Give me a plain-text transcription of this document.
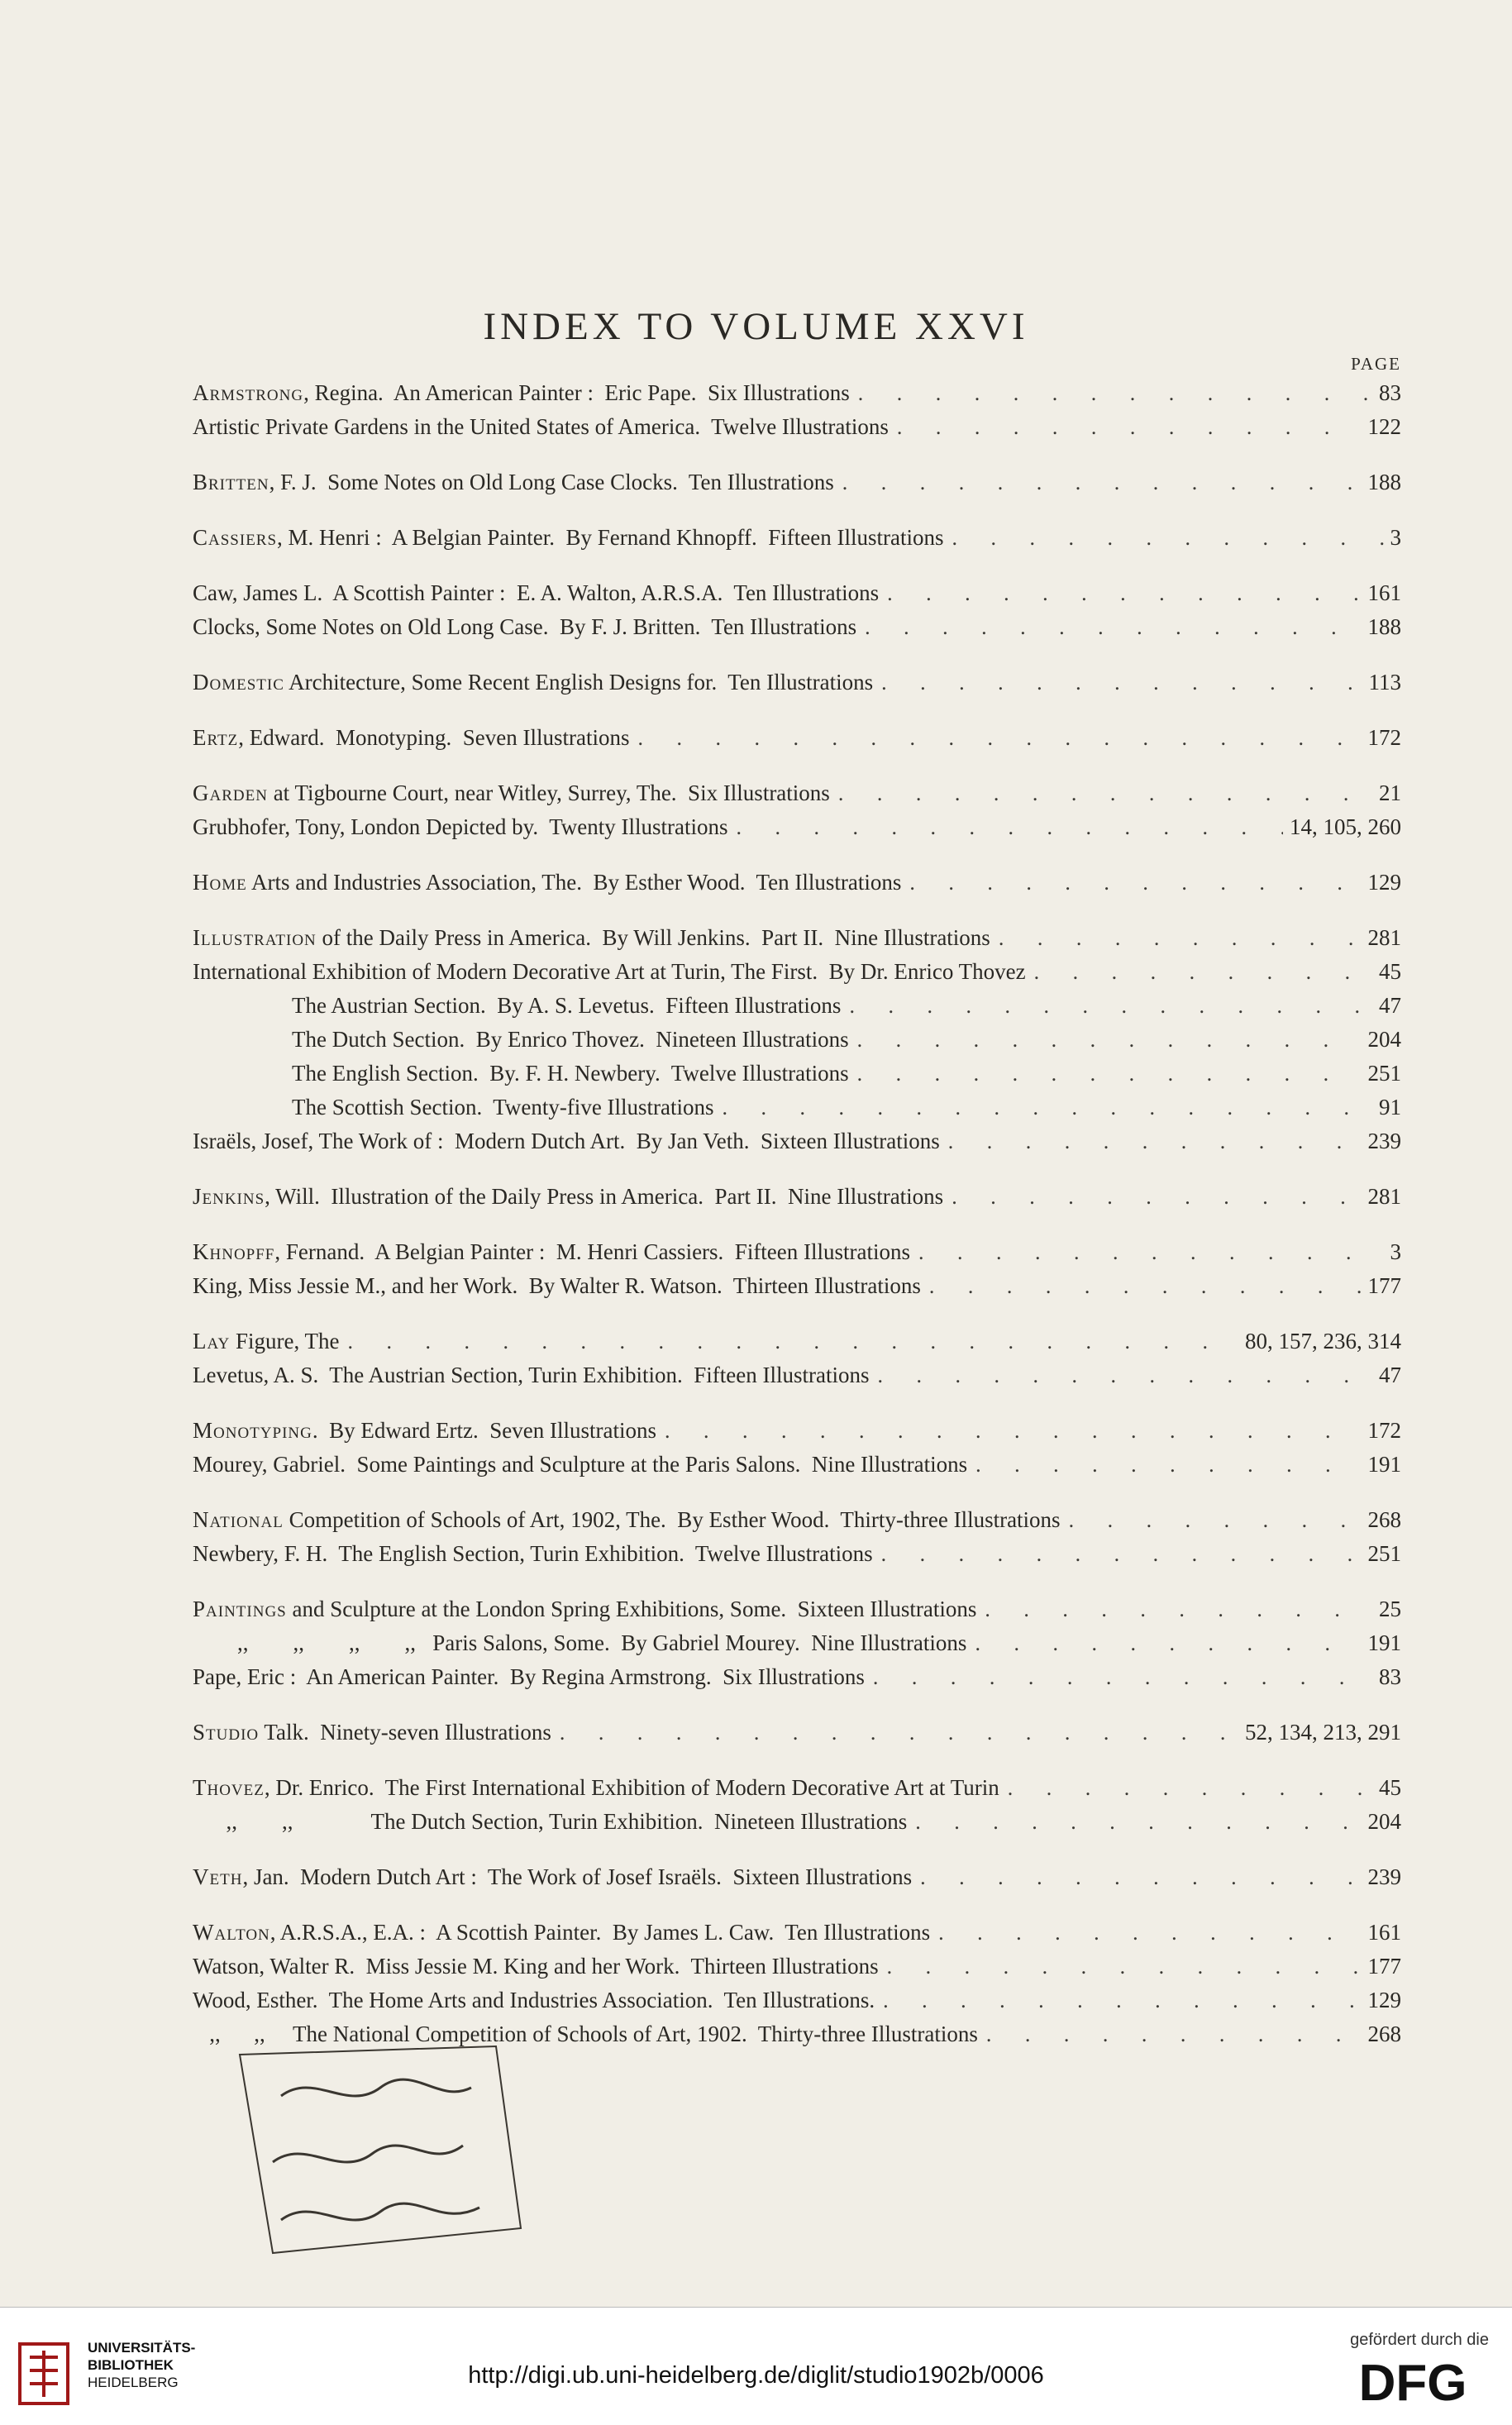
INDEX TO VOLUME XXVI
PAGE
Armstrong, Regina.  An American Painter :  Eric Pape.  Six Illustrations . . .	83
Artistic Private Gardens in the United States of America.  Twelve Illustrations . . .	122
Britten, F. J.  Some Notes on Old Long Case Clocks.  Ten Illustrations . . .	188
Cassiers, M. Henri :  A Belgian Painter.  By Fernand Khnopff.  Fifteen Illustrations . . .	3
Caw, James L.  A Scottish Painter :  E. A. Walton, A.R.S.A.  Ten Illustrations . . .	161
Clocks, Some Notes on Old Long Case.  By F. J. Britten.  Ten Illustrations . . .	188
Domestic Architecture, Some Recent English Designs for.  Ten Illustrations . . .	113
Ertz, Edward.  Monotyping.  Seven Illustrations . . .	172
Garden at Tigbourne Court, near Witley, Surrey, The.  Six Illustrations . . .	21
Grubhofer, Tony, London Depicted by.  Twenty Illustrations . . .	14, 105, 260
Home Arts and Industries Association, The.  By Esther Wood.  Ten Illustrations . . .	129
Illustration of the Daily Press in America.  By Will Jenkins.  Part II.  Nine Illustrations . . .	281
International Exhibition of Modern Decorative Art at Turin, The First.  By Dr. Enrico Thovez . . .	45
The Austrian Section.  By A. S. Levetus.  Fifteen Illustrations . . .	47
The Dutch Section.  By Enrico Thovez.  Nineteen Illustrations . . .	204
The English Section.  By. F. H. Newbery.  Twelve Illustrations . . .	251
The Scottish Section.  Twenty-five Illustrations . . .	91
Israëls, Josef, The Work of :  Modern Dutch Art.  By Jan Veth.  Sixteen Illustrations . . .	239
Jenkins, Will.  Illustration of the Daily Press in America.  Part II.  Nine Illustrations . . .	281
Khnopff, Fernand.  A Belgian Painter :  M. Henri Cassiers.  Fifteen Illustrations . . .	3
King, Miss Jessie M., and her Work.  By Walter R. Watson.  Thirteen Illustrations . . .	177
Lay Figure, The . . .	80, 157, 236, 314
Levetus, A. S.  The Austrian Section, Turin Exhibition.  Fifteen Illustrations . . .	47
Monotyping.  By Edward Ertz.  Seven Illustrations . . .	172
Mourey, Gabriel.  Some Paintings and Sculpture at the Paris Salons.  Nine Illustrations . . .	191
National Competition of Schools of Art, 1902, The.  By Esther Wood.  Thirty-three Illustrations . . .	268
Newbery, F. H.  The English Section, Turin Exhibition.  Twelve Illustrations . . .	251
Paintings and Sculpture at the London Spring Exhibitions, Some.  Sixteen Illustrations . . .	25
,,        ,,        ,,        ,,   Paris Salons, Some.  By Gabriel Mourey.  Nine Illustrations . . .	191
Pape, Eric :  An American Painter.  By Regina Armstrong.  Six Illustrations . . .	83
Studio Talk.  Ninety-seven Illustrations . . .	52, 134, 213, 291
Thovez, Dr. Enrico.  The First International Exhibition of Modern Decorative Art at Turin . . .	45
,,        ,,              The Dutch Section, Turin Exhibition.  Nineteen Illustrations . . .	204
Veth, Jan.  Modern Dutch Art :  The Work of Josef Israëls.  Sixteen Illustrations . . .	239
Walton, A.R.S.A., E.A. :  A Scottish Painter.  By James L. Caw.  Ten Illustrations . . .	161
Watson, Walter R.  Miss Jessie M. King and her Work.  Thirteen Illustrations . . .	177
Wood, Esther.  The Home Arts and Industries Association.  Ten Illustrations. . . .	129
,,      ,,     The National Competition of Schools of Art, 1902.  Thirty-three Illustrations . . .	268
UNIVERSITÄTS-
BIBLIOTHEK
HEIDELBERG	http://digi.ub.uni-heidelberg.de/diglit/studio1902b/0006
gefördert durch die
DFG
